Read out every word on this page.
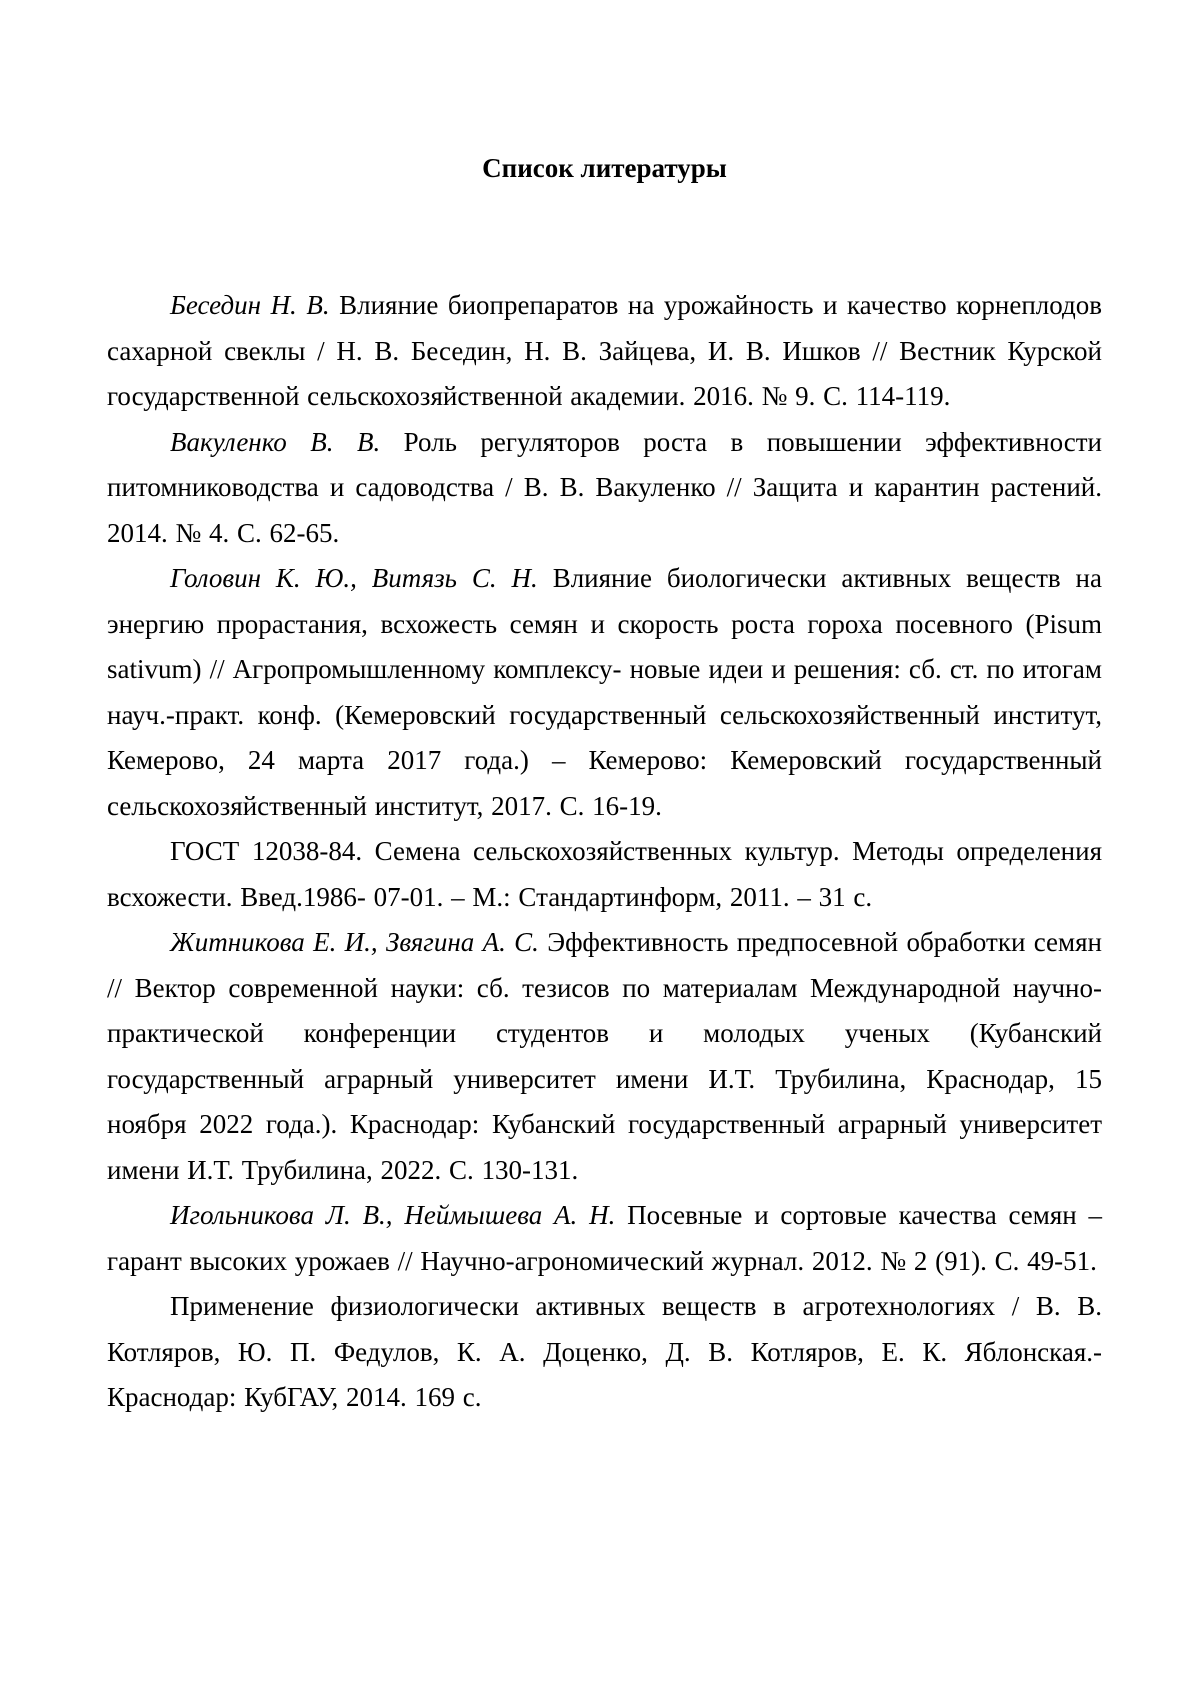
Список литературы

Беседин Н. В. Влияние биопрепаратов на урожайность и качество корнеплодов сахарной свеклы / Н. В. Беседин, Н. В. Зайцева, И. В. Ишков // Вестник Курской государственной сельскохозяйственной академии. 2016. № 9. С. 114-119.

Вакуленко В. В. Роль регуляторов роста в повышении эффективности питомниководства и садоводства / В. В. Вакуленко // Защита и карантин растений. 2014. № 4. С. 62-65.

Головин К. Ю., Витязь С. Н. Влияние биологически активных веществ на энергию прорастания, всхожесть семян и скорость роста гороха посевного (Pisum sativum) // Агропромышленному комплексу- новые идеи и решения: сб. ст. по итогам науч.-практ. конф. (Кемеровский государственный сельскохозяйственный институт, Кемерово, 24 марта 2017 года.) – Кемерово: Кемеровский государственный сельскохозяйственный институт, 2017. С. 16-19.

ГОСТ 12038-84. Семена сельскохозяйственных культур. Методы определения всхожести. Введ.1986- 07-01. – М.: Стандартинформ, 2011. – 31 с.

Житникова Е. И., Звягина А. С. Эффективность предпосевной обработки семян // Вектор современной науки: сб. тезисов по материалам Международной научно-практической конференции студентов и молодых ученых (Кубанский государственный аграрный университет имени И.Т. Трубилина, Краснодар, 15 ноября 2022 года.). Краснодар: Кубанский государственный аграрный университет имени И.Т. Трубилина, 2022. С. 130-131.

Игольникова Л. В., Неймышева А. Н. Посевные и сортовые качества семян – гарант высоких урожаев // Научно-агрономический журнал. 2012. № 2 (91). С. 49-51.

Применение физиологически активных веществ в агротехнологиях / В. В. Котляров, Ю. П. Федулов, К. А. Доценко, Д. В. Котляров, Е. К. Яблонская.- Краснодар: КубГАУ, 2014. 169 с.
